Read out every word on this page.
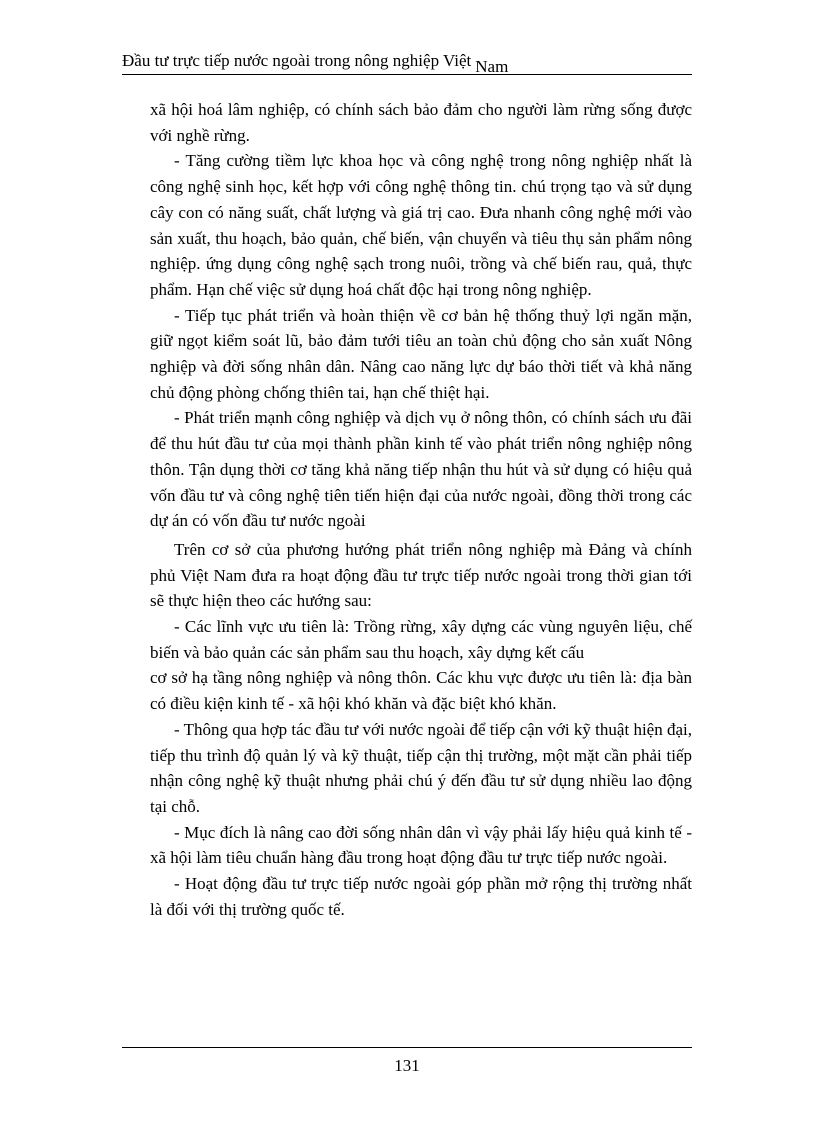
Đầu tư trực tiếp nước ngoài trong nông nghiệp Việt Nam

xã hội hoá lâm nghiệp, có chính sách bảo đảm cho người làm rừng sống được với nghề rừng.

- Tăng cường tiềm lực khoa học và công nghệ trong nông nghiệp nhất là công nghệ sinh học, kết hợp với công nghệ thông tin. chú trọng tạo và sử dụng cây con có năng suất, chất lượng và giá trị cao. Đưa nhanh công nghệ mới vào sản xuất, thu hoạch, bảo quản, chế biến, vận chuyển và tiêu thụ sản phẩm nông nghiệp. ứng dụng công nghệ sạch trong nuôi, trồng và chế biến rau, quả, thực phẩm. Hạn chế việc sử dụng hoá chất độc hại trong nông nghiệp.

- Tiếp tục phát triển và hoàn thiện về cơ bản hệ thống thuỷ lợi ngăn mặn, giữ ngọt kiểm soát lũ, bảo đảm tưới tiêu an toàn chủ động cho sản xuất Nông nghiệp và đời sống nhân dân. Nâng cao năng lực dự báo thời tiết và khả năng chủ động phòng chống thiên tai, hạn chế thiệt hại.

- Phát triển mạnh công nghiệp và dịch vụ ở nông thôn, có chính sách ưu đãi để thu hút đầu tư của mọi thành phần kinh tế vào phát triển nông nghiệp nông thôn. Tận dụng thời cơ tăng khả năng tiếp nhận thu hút và sử dụng có hiệu quả vốn đầu tư và công nghệ tiên tiến hiện đại của nước ngoài, đồng thời trong các dự án có vốn đầu tư nước ngoài

Trên cơ sở của phương hướng phát triển nông nghiệp mà Đảng và chính phủ Việt Nam đưa ra hoạt động đầu tư trực tiếp nước ngoài trong thời gian tới sẽ thực hiện theo các hướng sau:

- Các lĩnh vực ưu tiên là: Trồng rừng, xây dựng các vùng nguyên liệu, chế biến và bảo quản các sản phẩm sau thu hoạch, xây dựng kết cấu

cơ sở hạ tầng nông nghiệp và nông thôn. Các khu vực được ưu tiên là: địa bàn có điều kiện kinh tế - xã hội khó khăn và đặc biệt khó khăn.

- Thông qua hợp tác đầu tư với nước ngoài để tiếp cận với kỹ thuật hiện đại, tiếp thu trình độ quản lý và kỹ thuật, tiếp cận thị trường, một mặt cần phải tiếp nhận công nghệ kỹ thuật nhưng phải chú ý đến đầu tư sử dụng nhiều lao động tại chỗ.

- Mục đích là nâng cao đời sống nhân dân vì vậy phải lấy hiệu quả kinh tế - xã hội làm tiêu chuẩn hàng đầu trong hoạt động đầu tư trực tiếp nước ngoài.

- Hoạt động đầu tư trực tiếp nước ngoài góp phần mở rộng thị trường nhất là đối với thị trường quốc tế.

131
